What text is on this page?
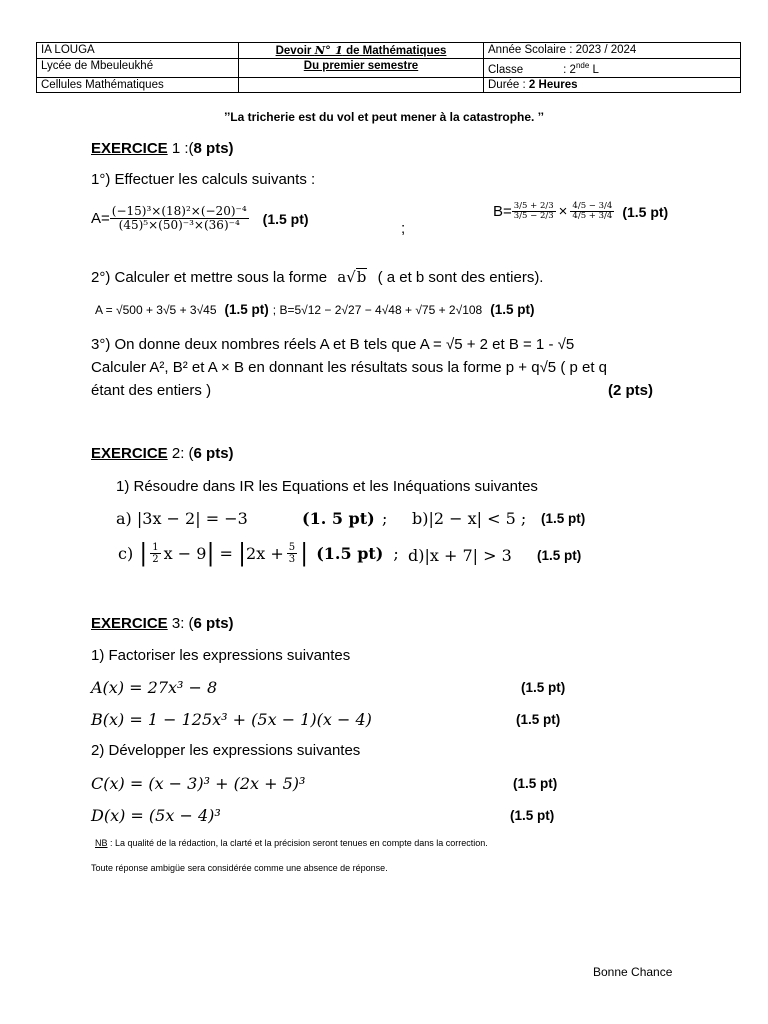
IA LOUGA	Devoir N° 1 de Mathématiques	Année Scolaire : 2023 / 2024
Lycée de Mbeuleukhé	Du premier semestre	Classe : 2nde L
Cellules Mathématiques		Durée : 2 Heures
’’La tricherie est du vol et peut mener à la catastrophe. ’’
EXERCICE 1 :(8 pts)
1°) Effectuer les calculs suivants :
$A= \frac{\text{(−15)³×(18)²×(−20)⁻⁴}}{\text{(45)⁵×(50)⁻³×(36)⁻⁴}} (1.5$ pt)
;
$B= \frac{3/5 + 2/3}{3/5 - 2/3} \times \frac{4/5 - 3/4}{4/5 + 3/4} (1.5$ pt)
2°) Calculer et mettre sous la forme a√b ( a et b sont des entiers).
A = √500 + 3√5 + 3√45 (1.5 pt) ; B=5√12 − 2√27 − 4√48 + √75 + 2√108 (1.5 pt)
3°) On donne deux nombres réels A et B tels que A = √5 + 2 et B = 1 - √5
Calculer A², B² et A × B en donnant les résultats sous la forme p + q√5 ( p et q
étant des entiers )	(2 pts)
EXERCICE 2: (6 pts)
1) Résoudre dans IR les Equations et les Inéquations suivantes
a) |3x − 2| = −3	(1. 5 pt) ; b)|2 − x| < 5 ; (1.5 pt)
c) | $\frac{1}{2}$ x − 9 | = | $2x + \frac{5}{3}$ | (1.5 pt) ; d)|x + 7| > 3 (1.5 pt)
EXERCICE 3: (6 pts)
1) Factoriser les expressions suivantes
A(x) = 27x³ − 8	(1.5 pt)
B(x) = 1 − 125x³ + (5x − 1)(x − 4)	(1.5 pt)
2) Développer les expressions suivantes
C(x) = (x − 3)³ + (2x + 5)³	(1.5 pt)
D(x) = (5x − 4)³	(1.5 pt)
NB : La qualité de la rédaction, la clarté et la précision seront tenues en compte dans la correction.
Toute réponse ambigüe sera considérée comme une absence de réponse.
Bonne Chance
